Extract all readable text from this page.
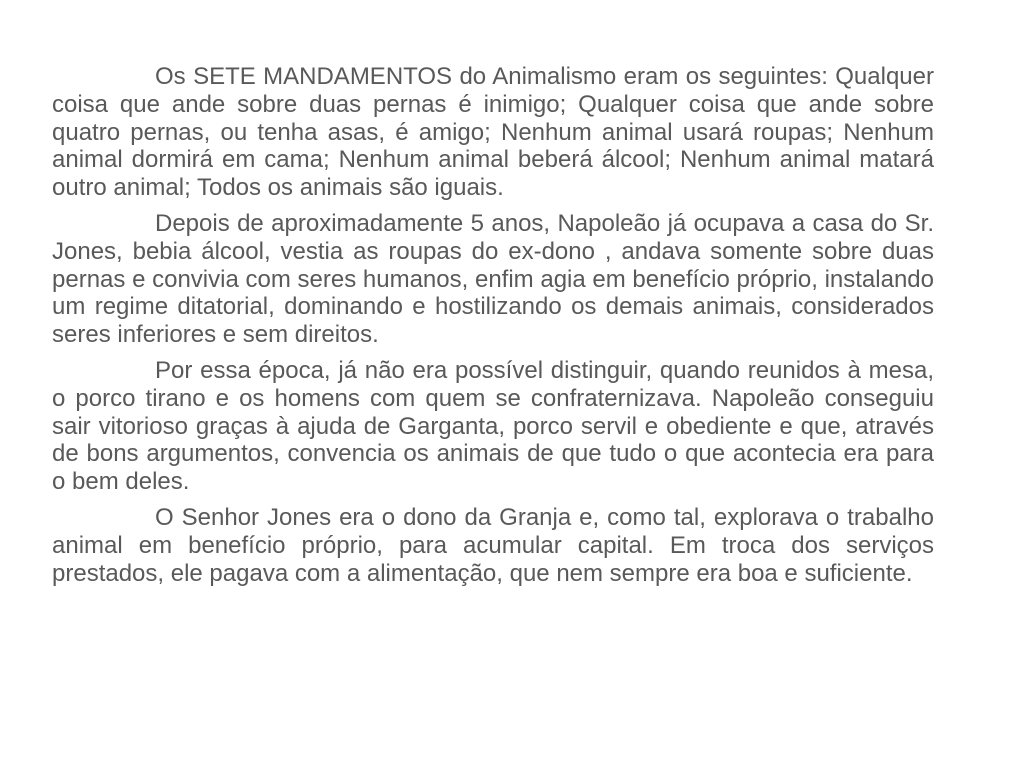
Os SETE MANDAMENTOS do Animalismo eram os seguintes: Qualquer coisa que ande sobre duas pernas é inimigo; Qualquer coisa que ande sobre quatro pernas, ou tenha asas, é amigo; Nenhum animal usará roupas; Nenhum animal dormirá em cama; Nenhum animal beberá álcool; Nenhum animal matará outro animal; Todos os animais são iguais.

Depois de aproximadamente 5 anos, Napoleão já ocupava a casa do Sr. Jones, bebia álcool, vestia as roupas do ex-dono , andava somente sobre duas pernas e convivia com seres humanos, enfim agia em benefício próprio, instalando um regime ditatorial, dominando e hostilizando os demais animais, considerados seres inferiores e sem direitos.

Por essa época, já não era possível distinguir, quando reunidos à mesa, o porco tirano e os homens com quem se confraternizava. Napoleão conseguiu sair vitorioso graças à ajuda de Garganta, porco servil e obediente e que, através de bons argumentos, convencia os animais de que tudo o que acontecia era para o bem deles.

O Senhor Jones era o dono da Granja e, como tal, explorava o trabalho animal em benefício próprio, para acumular capital. Em troca dos serviços prestados, ele pagava com a alimentação, que nem sempre era boa e suficiente.
